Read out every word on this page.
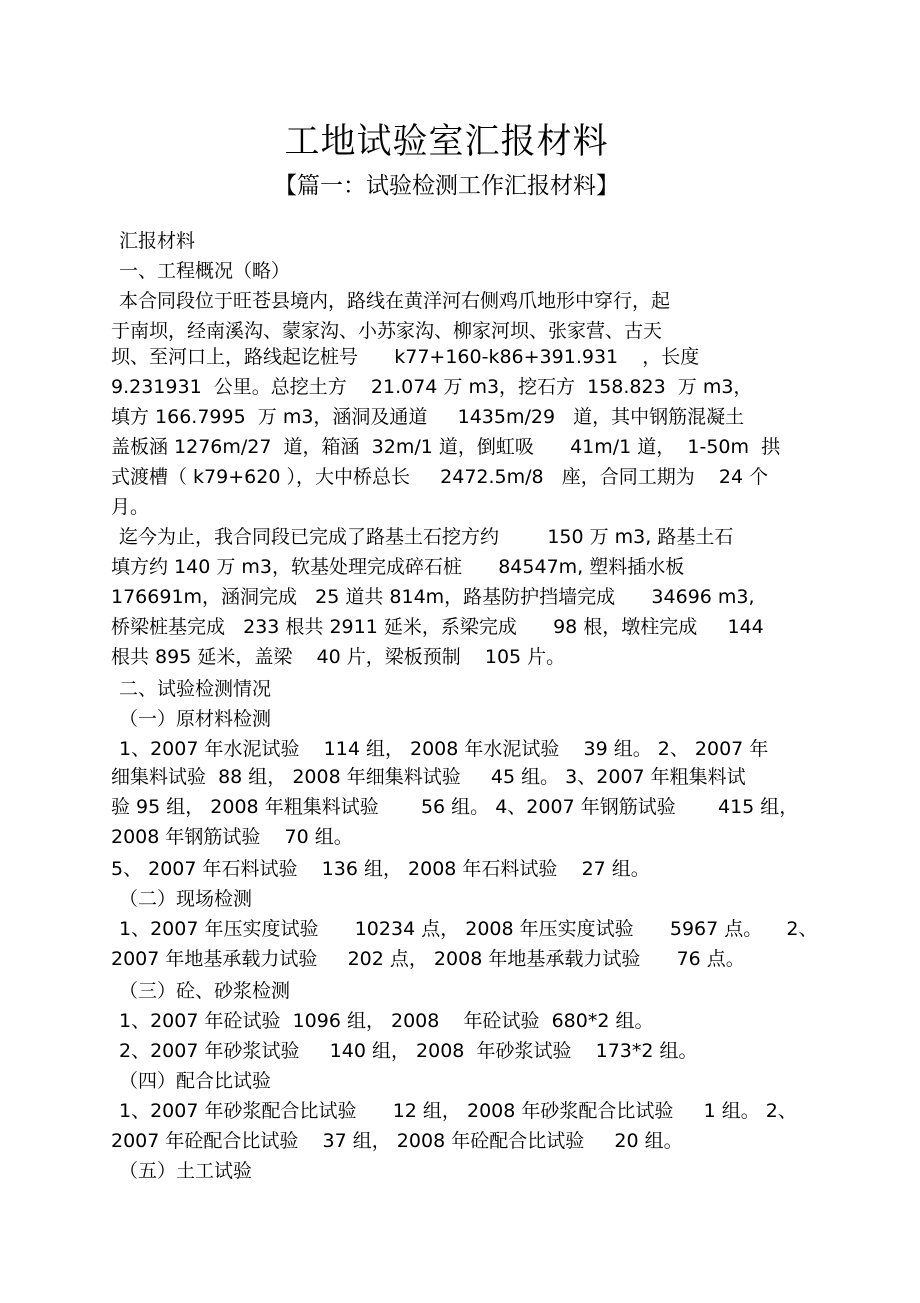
工地试验室汇报材料
【篇一：试验检测工作汇报材料】
汇报材料
一、工程概况（略）
本合同段位于旺苍县境内，路线在黄洋河右侧鸡爪地形中穿行，起
于南坝，经南溪沟、蒙家沟、小苏家沟、柳家河坝、张家营、古天
坝、至河口上，路线起讫桩号      k77+160-k86+391.931    ，长度
9.231931  公里。总挖土方    21.074 万 m3，挖石方  158.823  万 m3，
填方 166.7995  万 m3，涵洞及通道     1435m/29   道，其中钢筋混凝土
盖板涵 1276m/27  道，箱涵  32m/1 道，倒虹吸      41m/1 道，  1-50m  拱
式渡槽（ k79+620 ），大中桥总长     2472.5m/8   座，合同工期为    24 个
月。
迄今为止，我合同段已完成了路基土石挖方约        150 万 m3, 路基土石
填方约 140 万 m3，软基处理完成碎石桩      84547m, 塑料插水板
176691m，涵洞完成   25 道共 814m，路基防护挡墙完成      34696 m3,
桥梁桩基完成   233 根共 2911 延米，系梁完成      98 根，墩柱完成     144
根共 895 延米，盖梁    40 片，梁板预制    105 片。
二、试验检测情况
（一）原材料检测
1、2007 年水泥试验    114 组， 2008 年水泥试验    39 组。 2、 2007 年
细集料试验  88 组， 2008 年细集料试验     45 组。 3、2007 年粗集料试
验 95 组， 2008 年粗集料试验       56 组。 4、2007 年钢筋试验       415 组，
2008 年钢筋试验    70 组。
5、 2007 年石料试验    136 组， 2008 年石料试验    27 组。
（二）现场检测
1、2007 年压实度试验      10234 点， 2008 年压实度试验      5967 点。    2、
2007 年地基承载力试验     202 点， 2008 年地基承载力试验      76 点。
（三）砼、砂浆检测
1、2007 年砼试验  1096 组， 2008    年砼试验  680*2 组。
2、2007 年砂浆试验     140 组， 2008  年砂浆试验    173*2 组。
（四）配合比试验
1、2007 年砂浆配合比试验      12 组， 2008 年砂浆配合比试验     1 组。 2、
2007 年砼配合比试验    37 组， 2008 年砼配合比试验     20 组。
（五）土工试验
